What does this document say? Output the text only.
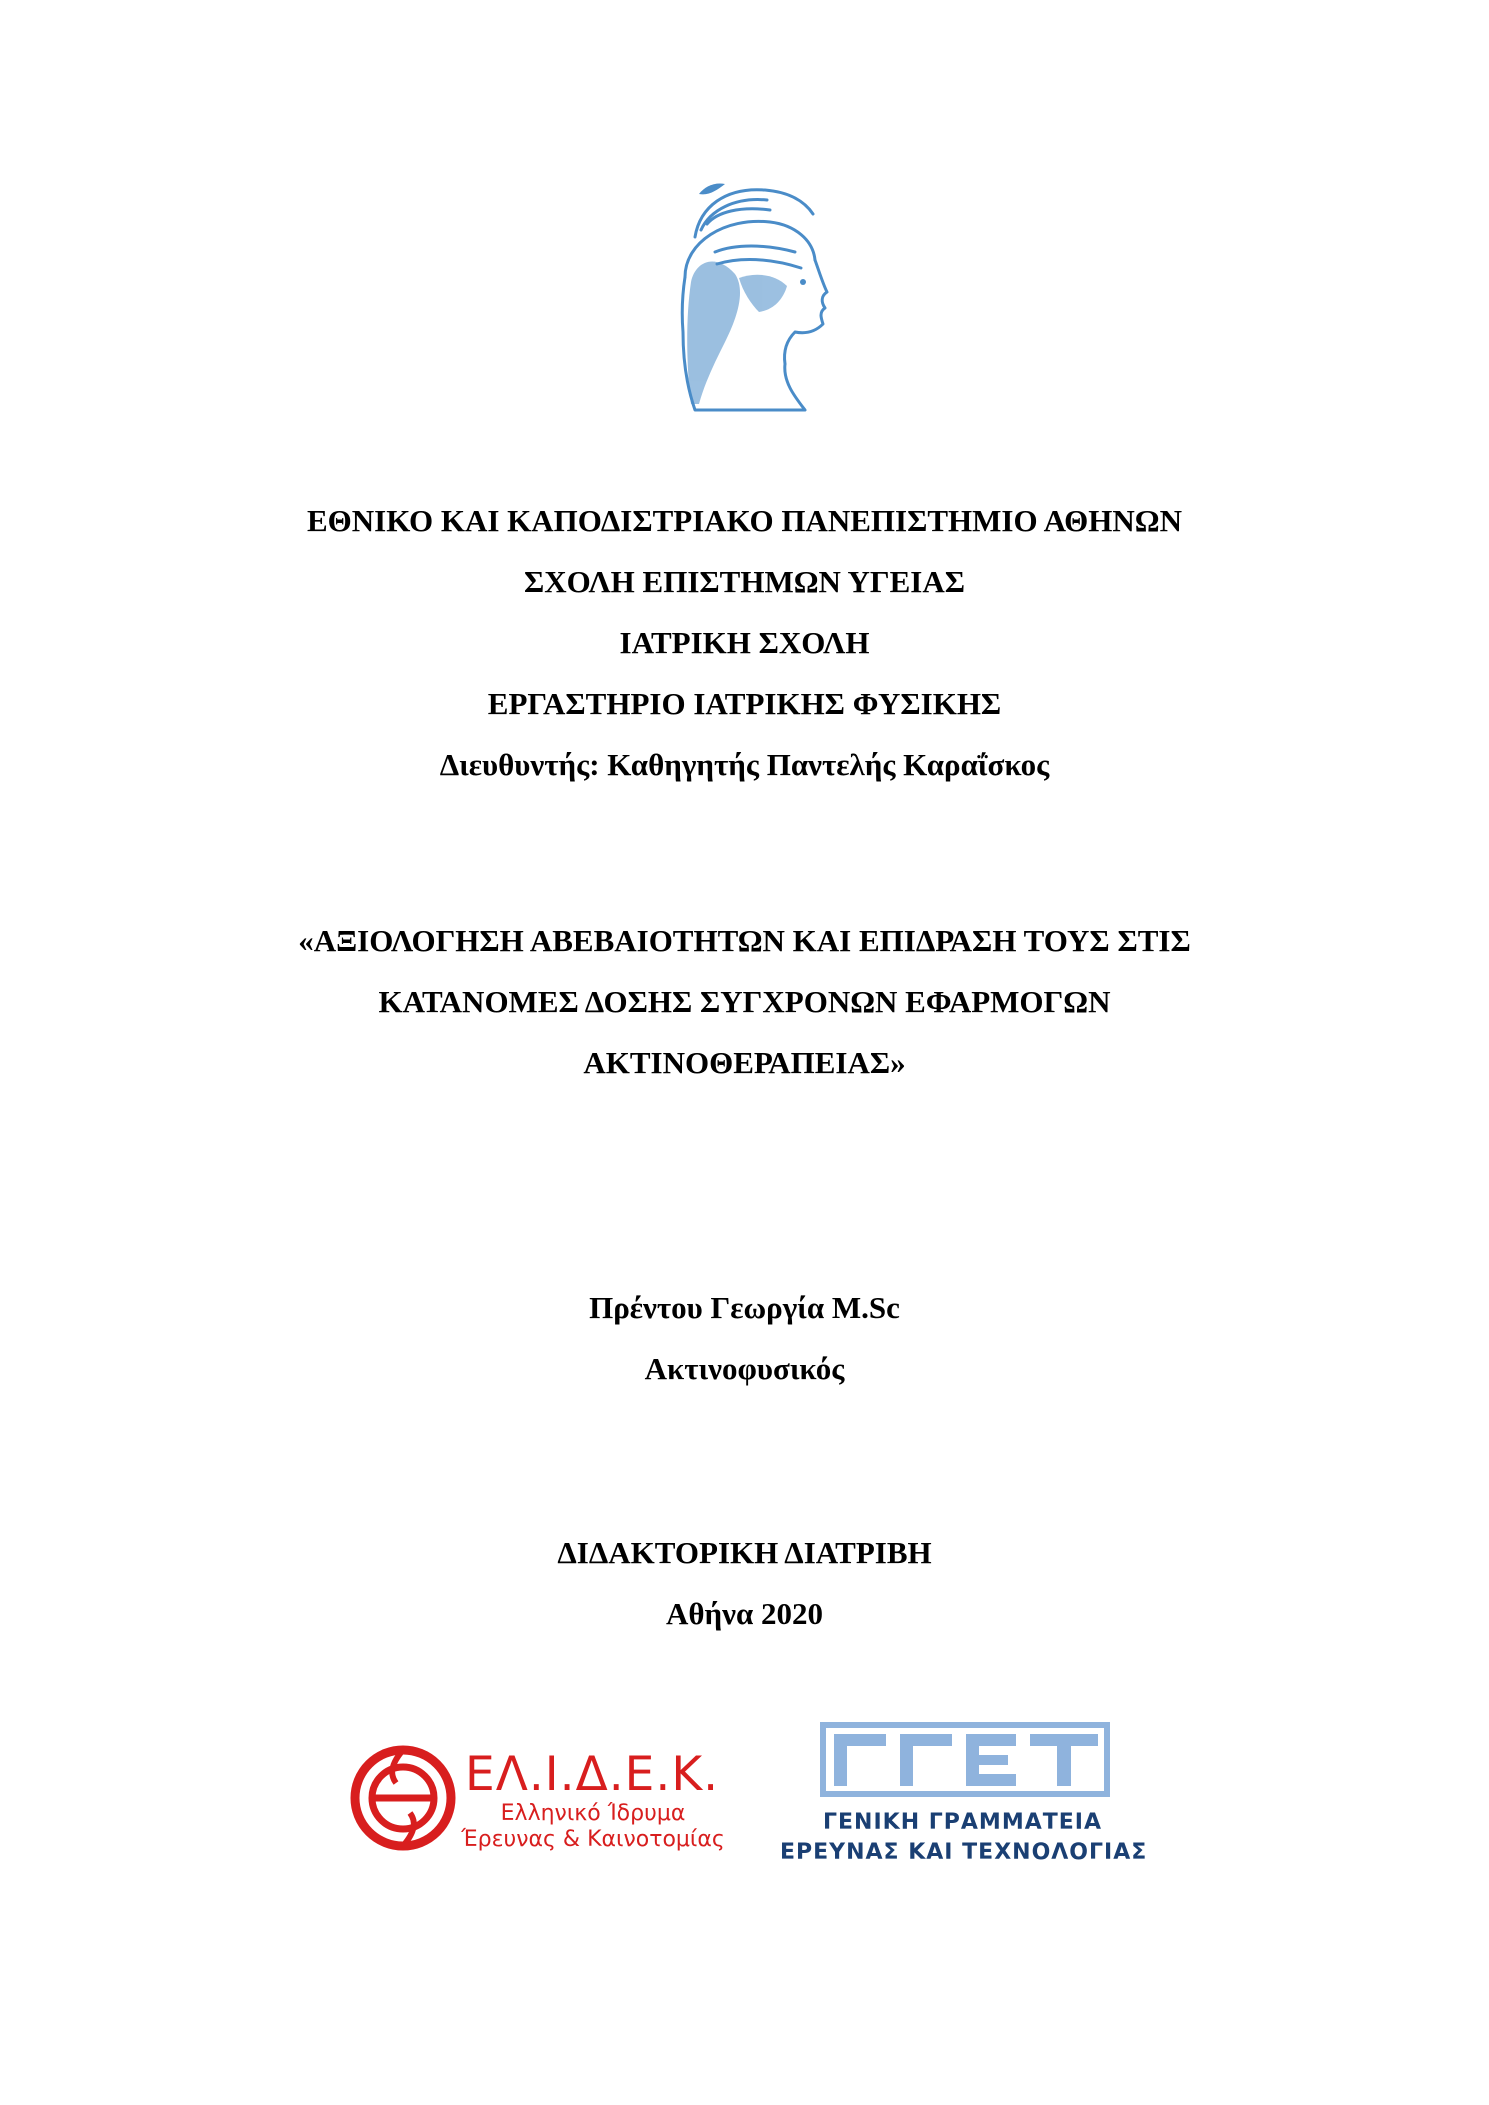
ΕΘΝΙΚΟ ΚΑΙ ΚΑΠΟΔΙΣΤΡΙΑΚΟ ΠΑΝΕΠΙΣΤΗΜΙΟ ΑΘΗΝΩΝ
ΣΧΟΛΗ ΕΠΙΣΤΗΜΩΝ ΥΓΕΙΑΣ
ΙΑΤΡΙΚΗ ΣΧΟΛΗ
ΕΡΓΑΣΤΗΡΙΟ ΙΑΤΡΙΚΗΣ ΦΥΣΙΚΗΣ
Διευθυντής: Καθηγητής Παντελής Καραΐσκος
«ΑΞΙΟΛΟΓΗΣΗ ΑΒΕΒΑΙΟΤΗΤΩΝ ΚΑΙ ΕΠΙΔΡΑΣΗ ΤΟΥΣ ΣΤΙΣ
ΚΑΤΑΝΟΜΕΣ ΔΟΣΗΣ ΣΥΓΧΡΟΝΩΝ ΕΦΑΡΜΟΓΩΝ
ΑΚΤΙΝΟΘΕΡΑΠΕΙΑΣ»
Πρέντου Γεωργία M.Sc
Ακτινοφυσικός
ΔΙΔΑΚΤΟΡΙΚΗ ΔΙΑΤΡΙΒΗ
Αθήνα 2020
ΕΛ.Ι.Δ.Ε.Κ.
Ελληνικό Ίδρυμα
Έρευνας & Καινοτομίας
ΓΕΝΙΚΗ ΓΡΑΜΜΑΤΕΙΑ
ΕΡΕΥΝΑΣ ΚΑΙ ΤΕΧΝΟΛΟΓΙΑΣ
